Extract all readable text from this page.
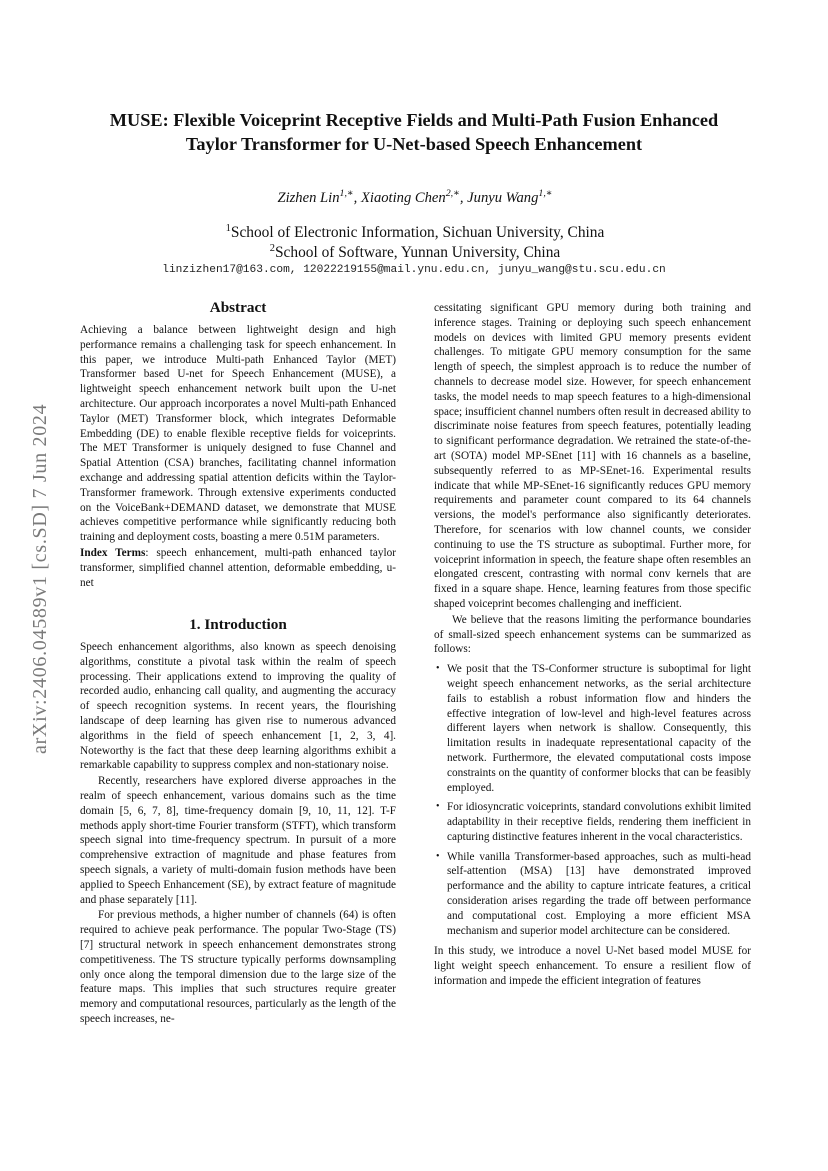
arXiv:2406.04589v1 [cs.SD] 7 Jun 2024
MUSE: Flexible Voiceprint Receptive Fields and Multi-Path Fusion Enhanced
Taylor Transformer for U-Net-based Speech Enhancement
Zizhen Lin$^{1,∗}$, Xiaoting Chen$^{2,∗}$, Junyu Wang$^{1,∗}$
$^1$School of Electronic Information, Sichuan University, China
$^2$School of Software, Yunnan University, China
linzizhen17@163.com, 12022219155@mail.ynu.edu.cn, junyu_wang@stu.scu.edu.cn
Abstract

Achieving a balance between lightweight design and high performance remains a challenging task for speech enhancement. In this paper, we introduce Multi-path Enhanced Taylor (MET) Transformer based U-net for Speech Enhancement (MUSE), a lightweight speech enhancement network built upon the U-net architecture. Our approach incorporates a novel Multi-path Enhanced Taylor (MET) Transformer block, which integrates Deformable Embedding (DE) to enable flexible receptive fields for voiceprints. The MET Transformer is uniquely designed to fuse Channel and Spatial Attention (CSA) branches, facilitating channel information exchange and addressing spatial attention deficits within the Taylor-Transformer framework. Through extensive experiments conducted on the VoiceBank+DEMAND dataset, we demonstrate that MUSE achieves competitive performance while significantly reducing both training and deployment costs, boasting a mere 0.51M parameters.

Index Terms: speech enhancement, multi-path enhanced taylor transformer, simplified channel attention, deformable embedding, u-net

1. Introduction

Speech enhancement algorithms, also known as speech denoising algorithms, constitute a pivotal task within the realm of speech processing. Their applications extend to improving the quality of recorded audio, enhancing call quality, and augmenting the accuracy of speech recognition systems. In recent years, the flourishing landscape of deep learning has given rise to numerous advanced algorithms in the field of speech enhancement [1, 2, 3, 4]. Noteworthy is the fact that these deep learning algorithms exhibit a remarkable capability to suppress complex and non-stationary noise.

Recently, researchers have explored diverse approaches in the realm of speech enhancement, various domains such as the time domain [5, 6, 7, 8], time-frequency domain [9, 10, 11, 12]. T-F methods apply short-time Fourier transform (STFT), which transform speech signal into time-frequency spectrum. In pursuit of a more comprehensive extraction of magnitude and phase features from speech signals, a variety of multi-domain fusion methods have been applied to Speech Enhancement (SE), by extract feature of magnitude and phase separately [11].

For previous methods, a higher number of channels (64) is often required to achieve peak performance. The popular Two-Stage (TS) [7] structural network in speech enhancement demonstrates strong competitiveness. The TS structure typically performs downsampling only once along the temporal dimension due to the large size of the feature maps. This implies that such structures require greater memory and computational resources, particularly as the length of the speech increases, ne-

cessitating significant GPU memory during both training and inference stages. Training or deploying such speech enhancement models on devices with limited GPU memory presents evident challenges. To mitigate GPU memory consumption for the same length of speech, the simplest approach is to reduce the number of channels to decrease model size. However, for speech enhancement tasks, the model needs to map speech features to a high-dimensional space; insufficient channel numbers often result in decreased ability to discriminate noise features from speech features, potentially leading to significant performance degradation. We retrained the state-of-the-art (SOTA) model MP-SEnet [11] with 16 channels as a baseline, subsequently referred to as MP-SEnet-16. Experimental results indicate that while MP-SEnet-16 significantly reduces GPU memory requirements and parameter count compared to its 64 channels versions, the model's performance also significantly deteriorates. Therefore, for scenarios with low channel counts, we consider continuing to use the TS structure as suboptimal. Further more, for voiceprint information in speech, the feature shape often resembles an elongated crescent, contrasting with normal conv kernels that are fixed in a square shape. Hence, learning features from those specific shaped voiceprint becomes challenging and inefficient.

We believe that the reasons limiting the performance boundaries of small-sized speech enhancement systems can be summarized as follows:

• We posit that the TS-Conformer structure is suboptimal for light weight speech enhancement networks, as the serial architecture fails to establish a robust information flow and hinders the effective integration of low-level and high-level features across different layers when network is shallow. Consequently, this limitation results in inadequate representational capacity of the network. Furthermore, the elevated computational costs impose constraints on the quantity of conformer blocks that can be feasibly employed.
• For idiosyncratic voiceprints, standard convolutions exhibit limited adaptability in their receptive fields, rendering them inefficient in capturing distinctive features inherent in the vocal characteristics.
• While vanilla Transformer-based approaches, such as multi-head self-attention (MSA) [13] have demonstrated improved performance and the ability to capture intricate features, a critical consideration arises regarding the trade off between performance and computational cost. Employing a more efficient MSA mechanism and superior model architecture can be considered.

In this study, we introduce a novel U-Net based model MUSE for light weight speech enhancement. To ensure a resilient flow of information and impede the efficient integration of features
